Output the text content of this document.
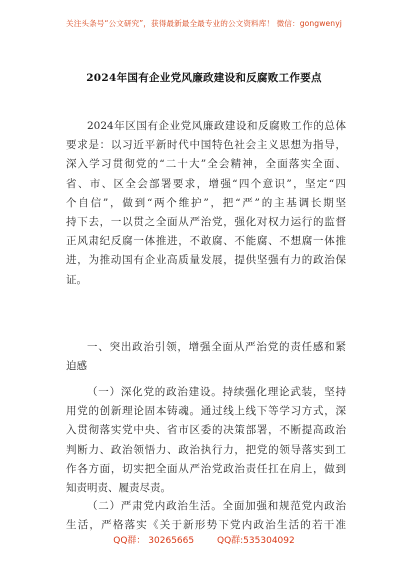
关注头条号“公文研究”，获得最新最全最专业的公文资料库！ 微信：gongwenyj
2024年国有企业党风廉政建设和反腐败工作要点
2024年区国有企业党风廉政建设和反腐败工作的总体
要求是：以习近平新时代中国特色社会主义思想为指导，
深入学习贯彻党的“二十大”全会精神，全面落实全面、
省、市、区全会部署要求，增强“四个意识”，坚定“四
个自信”，做到“两个维护”，把“严”的主基调长期坚
持下去，一以贯之全面从严治党，强化对权力运行的监督
正风肃纪反腐一体推进，不敢腐、不能腐、不想腐一体推
进，为推动国有企业高质量发展，提供坚强有力的政治保
证。
一、突出政治引领，增强全面从严治党的责任感和紧
迫感
（一）深化党的政治建设。持续强化理论武装，坚持
用党的创新理论固本铸魂。通过线上线下等学习方式，深
入贯彻落实党中央、省市区委的决策部署，不断提高政治
判断力、政治领悟力、政治执行力，把党的领导落实到工
作各方面，切实把全面从严治党政治责任扛在肩上，做到
知责明责、履责尽责。
（二）严肃党内政治生活。全面加强和规范党内政治
生活，严格落实《关于新形势下党内政治生活的若干准
QQ群： 30265665	QQ群:535304092
